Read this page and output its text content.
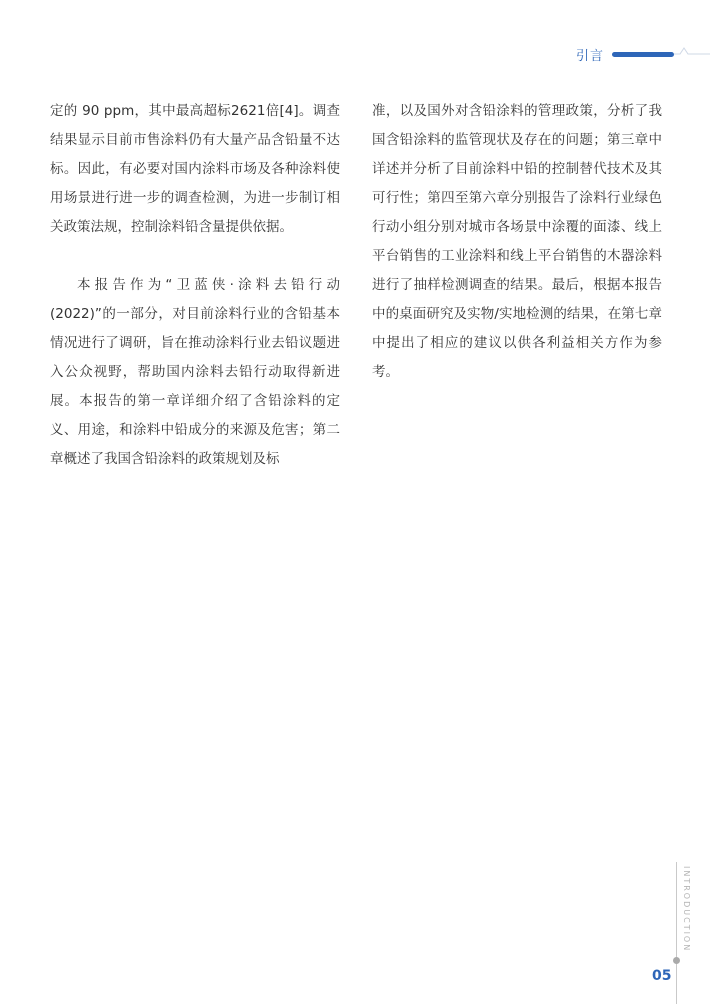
引言

定的 90 ppm，其中最高超标2621倍[4]。调查结果显示目前市售涂料仍有大量产品含铅量不达标。因此，有必要对国内涂料市场及各种涂料使用场景进行进一步的调查检测，为进一步制订相关政策法规，控制涂料铅含量提供依据。

本报告作为“卫蓝侠·涂料去铅行动(2022)”的一部分，对目前涂料行业的含铅基本情况进行了调研，旨在推动涂料行业去铅议题进入公众视野，帮助国内涂料去铅行动取得新进展。本报告的第一章详细介绍了含铅涂料的定义、用途，和涂料中铅成分的来源及危害；第二章概述了我国含铅涂料的政策规划及标

准，以及国外对含铅涂料的管理政策，分析了我国含铅涂料的监管现状及存在的问题；第三章中详述并分析了目前涂料中铅的控制替代技术及其可行性；第四至第六章分别报告了涂料行业绿色行动小组分别对城市各场景中涂覆的面漆、线上平台销售的工业涂料和线上平台销售的木器涂料进行了抽样检测调查的结果。最后，根据本报告中的桌面研究及实物/实地检测的结果，在第七章中提出了相应的建议以供各利益相关方作为参考。

INTRODUCTION
05
